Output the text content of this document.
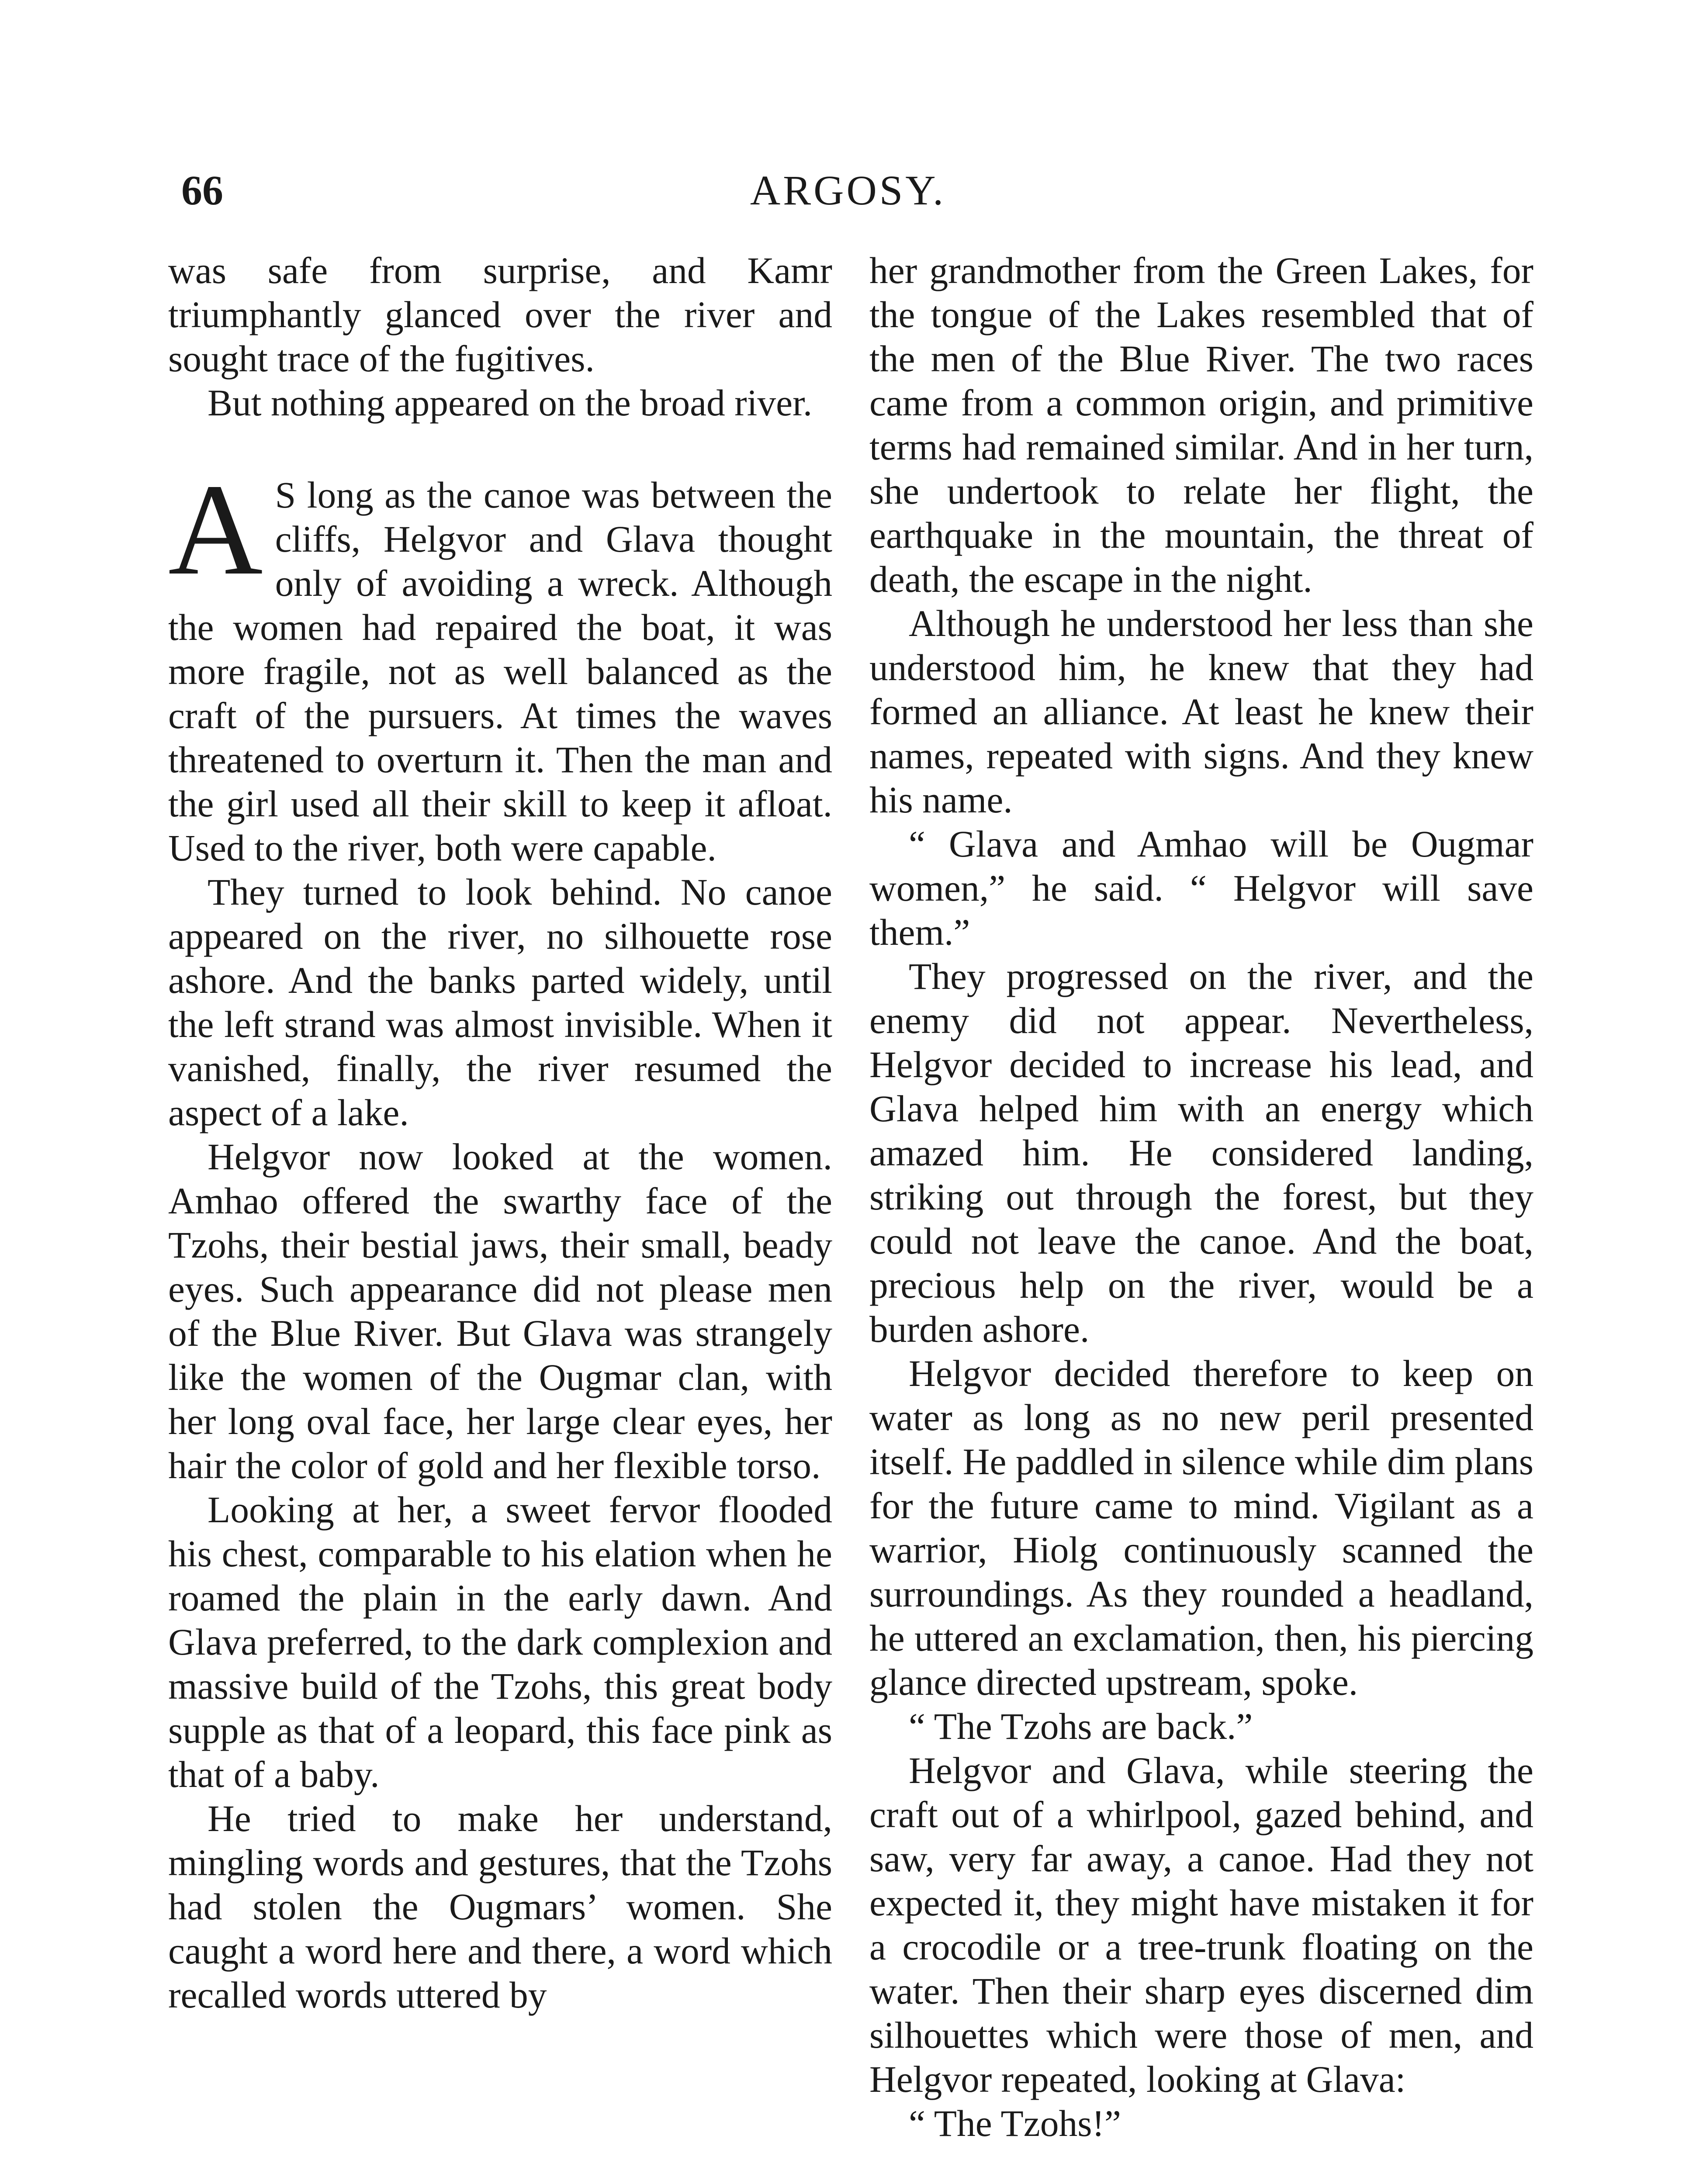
66	ARGOSY.

was safe from surprise, and Kamr triumphantly glanced over the river and sought trace of the fugitives.

But nothing appeared on the broad river.

A S long as the canoe was between the cliffs, Helgvor and Glava thought only of avoiding a wreck. Although the women had repaired the boat, it was more fragile, not as well balanced as the craft of the pursuers. At times the waves threatened to overturn it. Then the man and the girl used all their skill to keep it afloat. Used to the river, both were capable.

They turned to look behind. No canoe appeared on the river, no silhouette rose ashore. And the banks parted widely, until the left strand was almost invisible. When it vanished, finally, the river resumed the aspect of a lake.

Helgvor now looked at the women. Amhao offered the swarthy face of the Tzohs, their bestial jaws, their small, beady eyes. Such appearance did not please men of the Blue River. But Glava was strangely like the women of the Ougmar clan, with her long oval face, her large clear eyes, her hair the color of gold and her flexible torso.

Looking at her, a sweet fervor flooded his chest, comparable to his elation when he roamed the plain in the early dawn. And Glava preferred, to the dark complexion and massive build of the Tzohs, this great body supple as that of a leopard, this face pink as that of a baby.

He tried to make her understand, mingling words and gestures, that the Tzohs had stolen the Ougmars’ women. She caught a word here and there, a word which recalled words uttered by

her grandmother from the Green Lakes, for the tongue of the Lakes resembled that of the men of the Blue River. The two races came from a common origin, and primitive terms had remained similar. And in her turn, she undertook to relate her flight, the earthquake in the mountain, the threat of death, the escape in the night.

Although he understood her less than she understood him, he knew that they had formed an alliance. At least he knew their names, repeated with signs. And they knew his name.

“ Glava and Amhao will be Ougmar women,” he said. “ Helgvor will save them.”

They progressed on the river, and the enemy did not appear. Nevertheless, Helgvor decided to increase his lead, and Glava helped him with an energy which amazed him. He considered landing, striking out through the forest, but they could not leave the canoe. And the boat, precious help on the river, would be a burden ashore.

Helgvor decided therefore to keep on water as long as no new peril presented itself. He paddled in silence while dim plans for the future came to mind. Vigilant as a warrior, Hiolg continuously scanned the surroundings. As they rounded a headland, he uttered an exclamation, then, his piercing glance directed upstream, spoke.

“ The Tzohs are back.”

Helgvor and Glava, while steering the craft out of a whirlpool, gazed behind, and saw, very far away, a canoe. Had they not expected it, they might have mistaken it for a crocodile or a tree-trunk floating on the water. Then their sharp eyes discerned dim silhouettes which were those of men, and Helgvor repeated, looking at Glava:

“ The Tzohs!”
